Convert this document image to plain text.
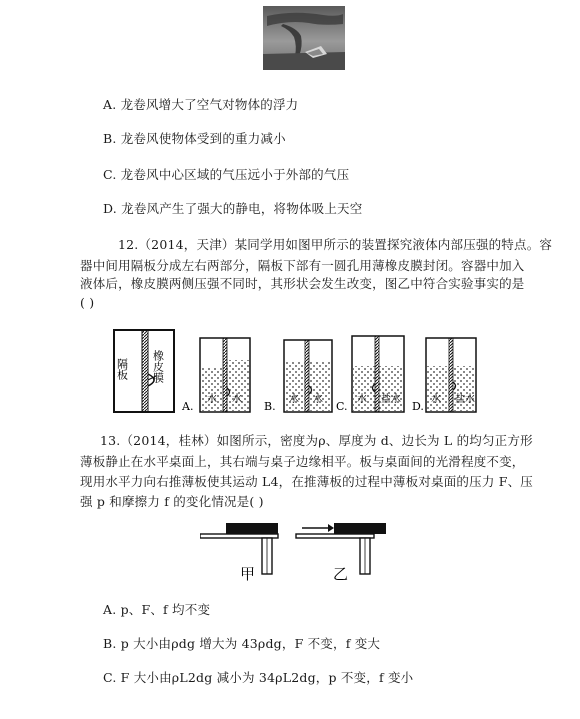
A. 龙卷风增大了空气对物体的浮力
B. 龙卷风使物体受到的重力减小
C. 龙卷风中心区域的气压远小于外部的气压
D. 龙卷风产生了强大的静电，将物体吸上天空
12.（2014，天津）某同学用如图甲所示的装置探究液体内部压强的特点。容
器中间用隔板分成左右两部分，隔板下部有一圆孔用薄橡皮膜封闭。容器中加入
液体后，橡皮膜两侧压强不同时，其形状会发生改变，图乙中符合实验事实的是
( )
隔板 橡皮膜
水 水
A.
水 水
B.
水 盐水
C.
水 盐水
D.
13.（2014，桂林）如图所示，密度为ρ、厚度为 d、边长为 L 的均匀正方形
薄板静止在水平桌面上，其右端与桌子边缘相平。板与桌面间的光滑程度不变，
现用水平力向右推薄板使其运动 L4，在推薄板的过程中薄板对桌面的压力 F、压
强 p 和摩擦力 f 的变化情况是( )
甲	乙
A. p、F、f 均不变
B. p 大小由ρdg 增大为 43ρdg，F 不变，f 变大
C. F 大小由ρL2dg 减小为 34ρL2dg，p 不变，f 变小
